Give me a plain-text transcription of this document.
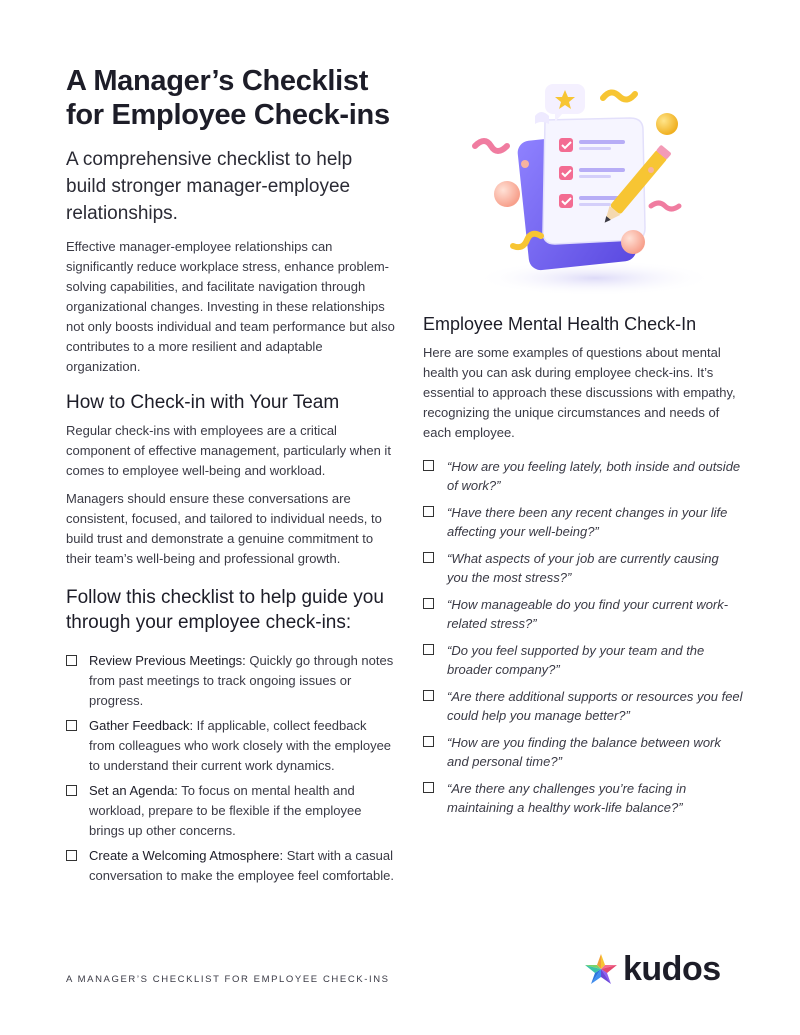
A Manager’s Checklist
for Employee Check-ins

A comprehensive checklist to help build stronger manager-employee relationships.

Effective manager-employee relationships can significantly reduce workplace stress, enhance problem-solving capabilities, and facilitate navigation through organizational changes. Investing in these relationships not only boosts individual and team performance but also contributes to a more resilient and adaptable organization.

How to Check-in with Your Team

Regular check-ins with employees are a critical component of effective management, particularly when it comes to employee well-being and workload.

Managers should ensure these conversations are consistent, focused, and tailored to individual needs, to build trust and demonstrate a genuine commitment to their team’s well-being and professional growth.

Follow this checklist to help guide you through your employee check-ins:
Review Previous Meetings: Quickly go through notes from past meetings to track ongoing issues or progress.
Gather Feedback: If applicable, collect feedback from colleagues who work closely with the employee to understand their current work dynamics.
Set an Agenda: To focus on mental health and workload, prepare to be flexible if the employee brings up other concerns.
Create a Welcoming Atmosphere: Start with a casual conversation to make the employee feel comfortable.
Employee Mental Health Check-In

Here are some examples of questions about mental health you can ask during employee check-ins. It’s essential to approach these discussions with empathy, recognizing the unique circumstances and needs of each employee.

“How are you feeling lately, both inside and outside of work?”
“Have there been any recent changes in your life affecting your well-being?”
“What aspects of your job are currently causing you the most stress?”
“How manageable do you find your current work-related stress?”
“Do you feel supported by your team and the broader company?”
“Are there additional supports or resources you feel could help you manage better?”
“How are you finding the balance between work and personal time?”
“Are there any challenges you’re facing in maintaining a healthy work-life balance?”
A MANAGER’S CHECKLIST FOR EMPLOYEE CHECK-INS	kudos
